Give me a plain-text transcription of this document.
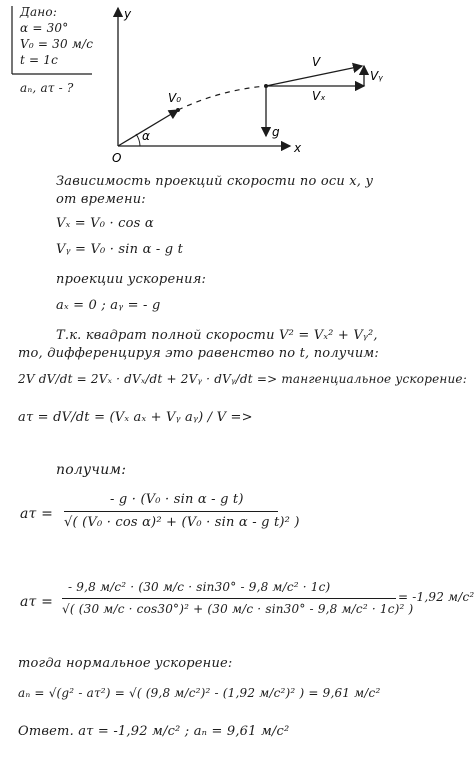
Дано:
α = 30°
V₀ = 30 м/с
t = 1с
aₙ, aτ - ?
y
x
O
α
V₀
V
Vₓ
Vᵧ
g
Зависимость проекций скорости по оси x, y
от времени:
Vₓ = V₀ · cos α
Vᵧ = V₀ · sin α - g t
проекции ускорения:
aₓ = 0 ; aᵧ = - g
Т.к. квадрат полной скорости V² = Vₓ² + Vᵧ²,
то, дифференцируя это равенство по t, получим:
2V dV/dt = 2Vₓ · dVₓ/dt + 2Vᵧ · dVᵧ/dt => тангенциальное ускорение:
aτ = dV/dt = (Vₓ aₓ + Vᵧ aᵧ) / V =>
получим:
aτ =
- g · (V₀ · sin α - g t)
√( (V₀ · cos α)² + (V₀ · sin α - g t)² )
aτ =
- 9,8 м/с² · (30 м/с · sin30° - 9,8 м/с² · 1с)
√( (30 м/с · cos30°)² + (30 м/с · sin30° - 9,8 м/с² · 1с)² )
= -1,92 м/с²
тогда нормальное ускорение:
aₙ = √(g² - aτ²) = √( (9,8 м/с²)² - (1,92 м/с²)² ) = 9,61 м/с²
Ответ. aτ = -1,92 м/с² ; aₙ = 9,61 м/с²
